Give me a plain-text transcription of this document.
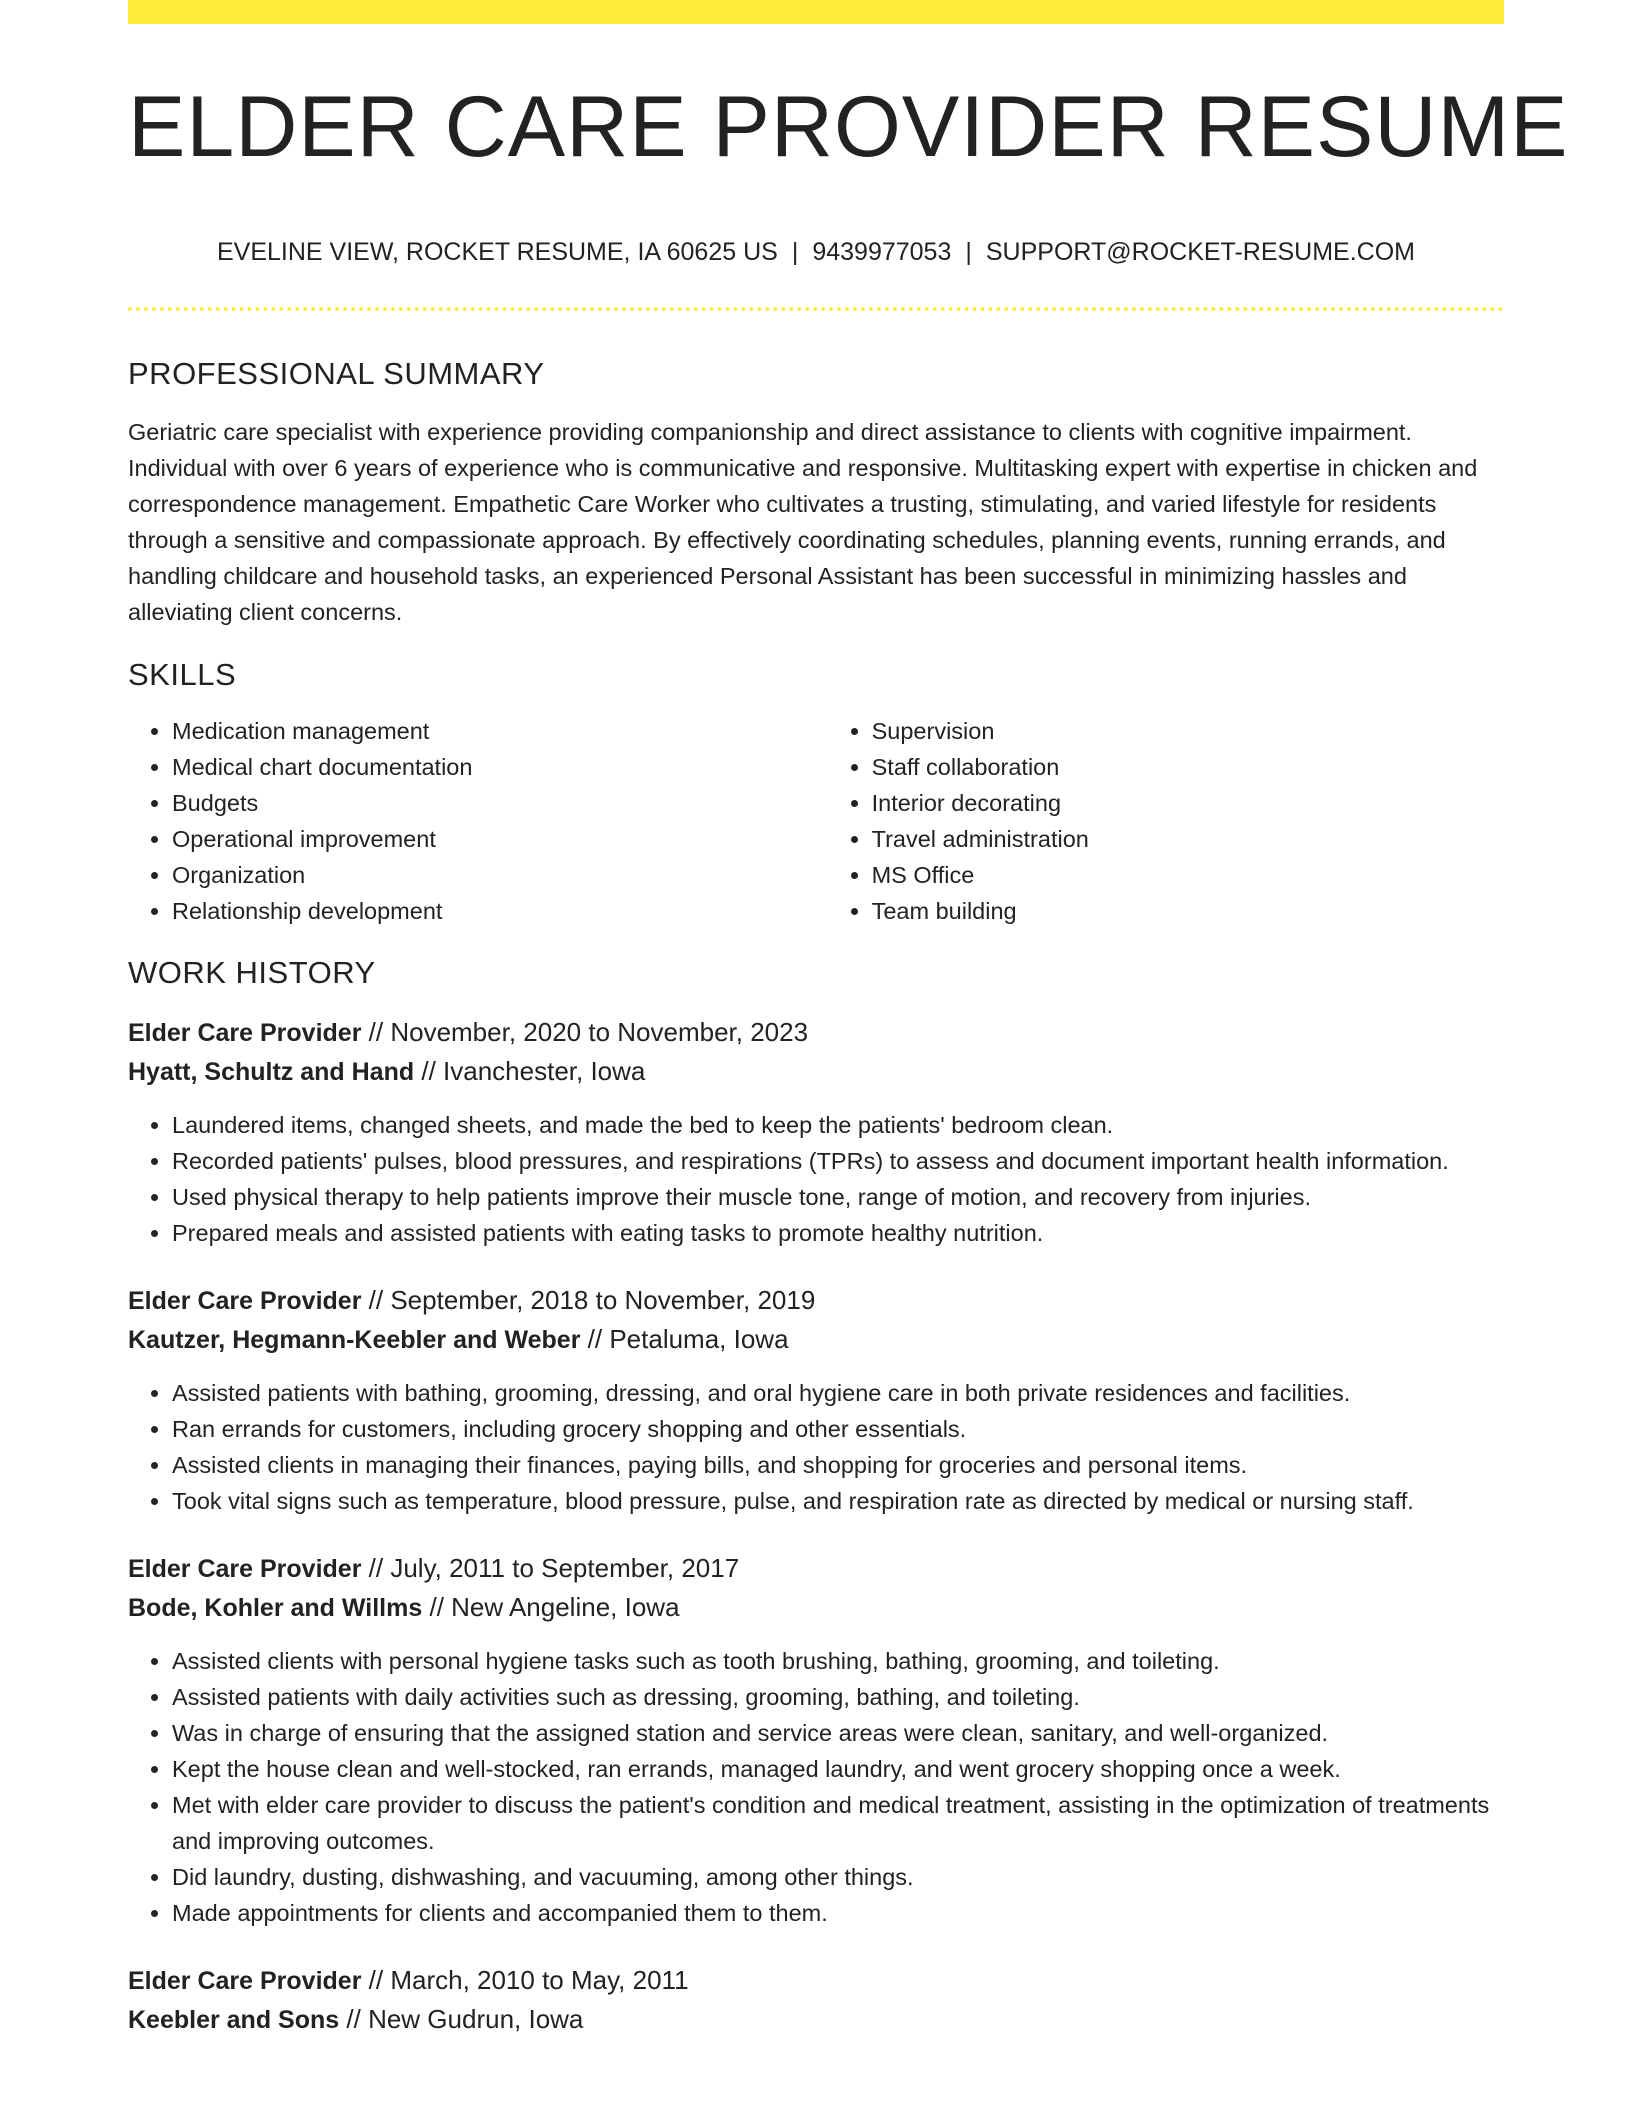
ELDER CARE PROVIDER RESUME
EVELINE VIEW, ROCKET RESUME, IA 60625 US | 9439977053 | SUPPORT@ROCKET-RESUME.COM
PROFESSIONAL SUMMARY

Geriatric care specialist with experience providing companionship and direct assistance to clients with cognitive impairment. Individual with over 6 years of experience who is communicative and responsive. Multitasking expert with expertise in chicken and correspondence management. Empathetic Care Worker who cultivates a trusting, stimulating, and varied lifestyle for residents through a sensitive and compassionate approach. By effectively coordinating schedules, planning events, running errands, and handling childcare and household tasks, an experienced Personal Assistant has been successful in minimizing hassles and alleviating client concerns.

SKILLS
• Medication management
• Medical chart documentation
• Budgets
• Operational improvement
• Organization
• Relationship development
• Supervision
• Staff collaboration
• Interior decorating
• Travel administration
• MS Office
• Team building
WORK HISTORY
Elder Care Provider // November, 2020 to November, 2023
Hyatt, Schultz and Hand // Ivanchester, Iowa
• Laundered items, changed sheets, and made the bed to keep the patients' bedroom clean.
• Recorded patients' pulses, blood pressures, and respirations (TPRs) to assess and document important health information.
• Used physical therapy to help patients improve their muscle tone, range of motion, and recovery from injuries.
• Prepared meals and assisted patients with eating tasks to promote healthy nutrition.
Elder Care Provider // September, 2018 to November, 2019
Kautzer, Hegmann-Keebler and Weber // Petaluma, Iowa
• Assisted patients with bathing, grooming, dressing, and oral hygiene care in both private residences and facilities.
• Ran errands for customers, including grocery shopping and other essentials.
• Assisted clients in managing their finances, paying bills, and shopping for groceries and personal items.
• Took vital signs such as temperature, blood pressure, pulse, and respiration rate as directed by medical or nursing staff.
Elder Care Provider // July, 2011 to September, 2017
Bode, Kohler and Willms // New Angeline, Iowa
• Assisted clients with personal hygiene tasks such as tooth brushing, bathing, grooming, and toileting.
• Assisted patients with daily activities such as dressing, grooming, bathing, and toileting.
• Was in charge of ensuring that the assigned station and service areas were clean, sanitary, and well-organized.
• Kept the house clean and well-stocked, ran errands, managed laundry, and went grocery shopping once a week.
• Met with elder care provider to discuss the patient's condition and medical treatment, assisting in the optimization of treatments and improving outcomes.
• Did laundry, dusting, dishwashing, and vacuuming, among other things.
• Made appointments for clients and accompanied them to them.
Elder Care Provider // March, 2010 to May, 2011
Keebler and Sons // New Gudrun, Iowa
